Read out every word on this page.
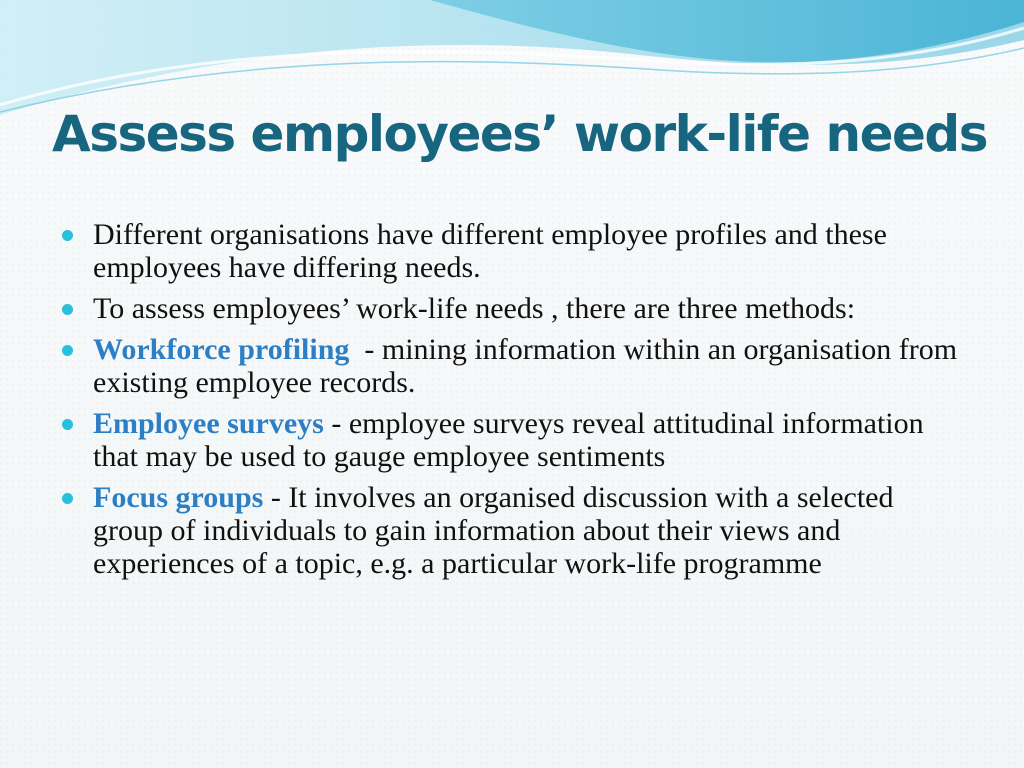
Assess employees’ work-life needs
Different organisations have different employee profiles and these employees have differing needs.
To assess employees’ work-life needs , there are three methods:
Workforce profiling  - mining information within an organisation from existing employee records.
Employee surveys - employee surveys reveal attitudinal information that may be used to gauge employee sentiments
Focus groups - It involves an organised discussion with a selected group of individuals to gain information about their views and experiences of a topic, e.g. a particular work-life programme
